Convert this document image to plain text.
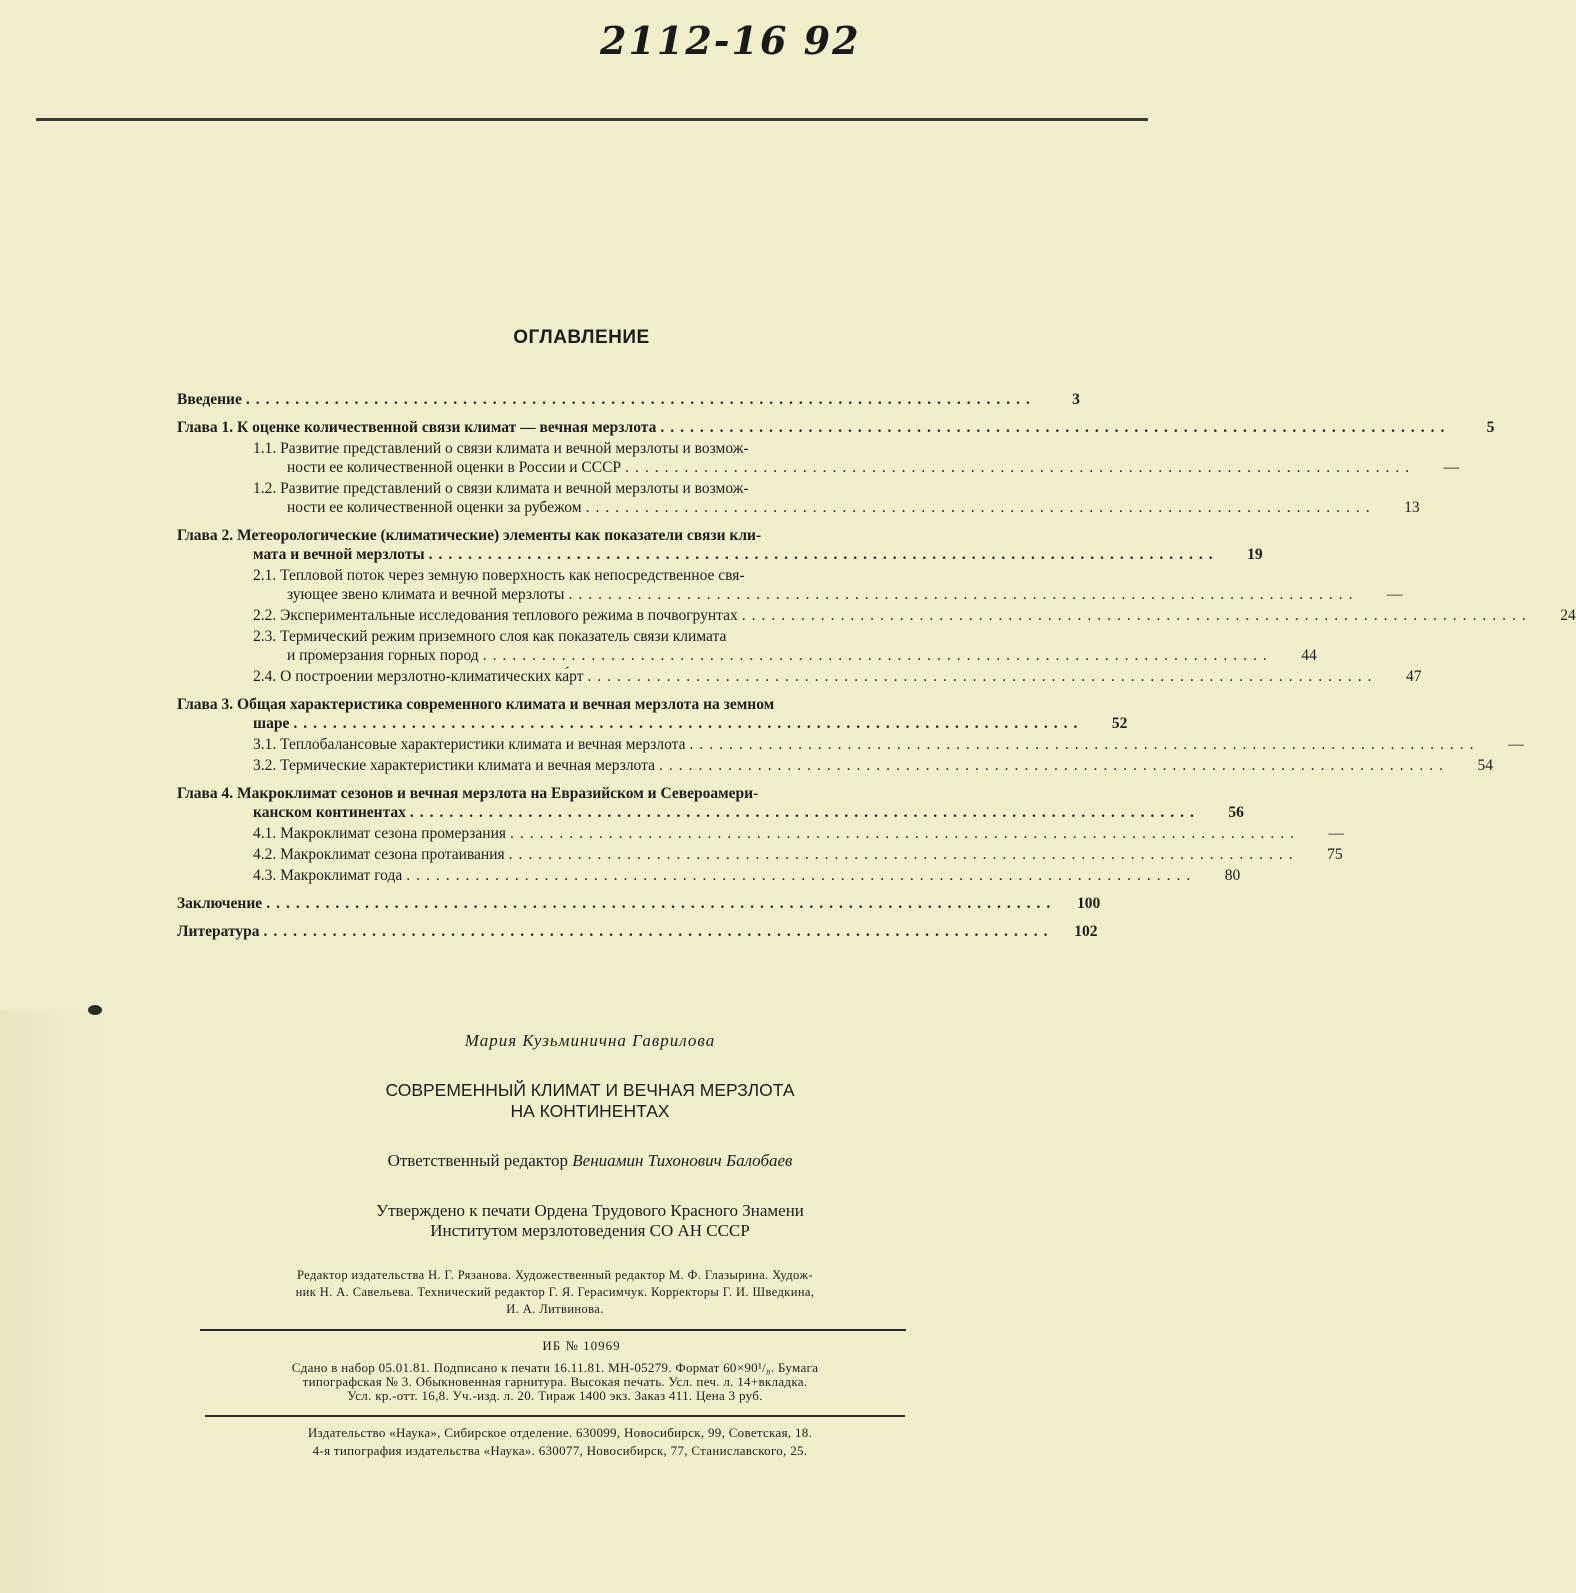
2112-16 92
ОГЛАВЛЕНИЕ
Введение ................................................................................	3
Глава 1. К оценке количественной связи климат — вечная мерзлота ................................................................................	5
1.1. Развитие представлений о связи климата и вечной мерзлоты и возмож-
ности ее количественной оценки в России и СССР ................................................................................	—
1.2. Развитие представлений о связи климата и вечной мерзлоты и возмож-
ности ее количественной оценки за рубежом ................................................................................	13
Глава 2. Метеорологические (климатические) элементы как показатели связи кли-
мата и вечной мерзлоты ................................................................................	19
2.1. Тепловой поток через земную поверхность как непосредственное свя-
зующее звено климата и вечной мерзлоты ................................................................................	—
2.2. Экспериментальные исследования теплового режима в почвогрунтах ................................................................................	24
2.3. Термический режим приземного слоя как показатель связи климата
и промерзания горных пород ................................................................................	44
2.4. О построении мерзлотно-климатических ка́рт ................................................................................	47
Глава 3. Общая характеристика современного климата и вечная мерзлота на земном
шаре ................................................................................	52
3.1. Теплобалансовые характеристики климата и вечная мерзлота ................................................................................	—
3.2. Термические характеристики климата и вечная мерзлота ................................................................................	54
Глава 4. Макроклимат сезонов и вечная мерзлота на Евразийском и Североамери-
канском континентах ................................................................................	56
4.1. Макроклимат сезона промерзания ................................................................................	—
4.2. Макроклимат сезона протаивания ................................................................................	75
4.3. Макроклимат года ................................................................................	80
Заключение ................................................................................	100
Литература ................................................................................	102
Мария Кузьминична Гаврилова
СОВРЕМЕННЫЙ КЛИМАТ И ВЕЧНАЯ МЕРЗЛОТА
НА КОНТИНЕНТАХ
Ответственный редактор Вениамин Тихонович Балобаев
Утверждено к печати Ордена Трудового Красного Знамени
Институтом мерзлотоведения СО АН СССР
Редактор издательства Н. Г. Рязанова. Художественный редактор М. Ф. Глазырина. Худож-
ник Н. А. Савельева. Технический редактор Г. Я. Герасимчук. Корректоры Г. И. Шведкина,
И. А. Литвинова.
ИБ № 10969
Сдано в набор 05.01.81. Подписано к печати 16.11.81. МН-05279. Формат 60×90¹/₈. Бумага
типографская № 3. Обыкновенная гарнитура. Высокая печать. Усл. печ. л. 14+вкладка.
Усл. кр.-отт. 16,8. Уч.-изд. л. 20. Тираж 1400 экз. Заказ 411. Цена 3 руб.
Издательство «Наука», Сибирское отделение. 630099, Новосибирск, 99, Советская, 18.
4-я типография издательства «Наука». 630077, Новосибирск, 77, Станиславского, 25.
